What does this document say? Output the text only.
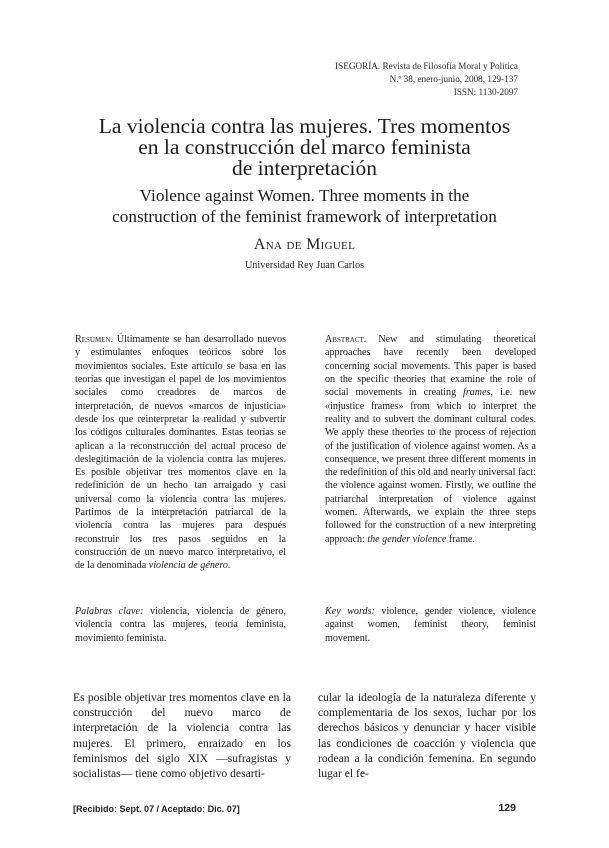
ISEGORÍA. Revista de Filosofía Moral y Política
N.º 38, enero-junio, 2008, 129-137
ISSN: 1130-2097
La violencia contra las mujeres. Tres momentos
en la construcción del marco feminista
de interpretación
Violence against Women. Three moments in the
construction of the feminist framework of interpretation
Ana de Miguel
Universidad Rey Juan Carlos
Resumen. Últimamente se han desarrollado nuevos y estimulantes enfoques teóricos sobre los movimientos sociales. Este artículo se basa en las teorías que investigan el papel de los movimientos sociales como creadores de marcos de interpretación, de nuevos «marcos de injusticia» desde los que reinterpretar la realidad y subvertir los códigos culturales dominantes. Estas teorías se aplican a la reconstrucción del actual proceso de deslegitimación de la violencia contra las mujeres. Es posible objetivar tres momentos clave en la redefinición de un hecho tan arraigado y casi universal como la violencia contra las mujeres. Partimos de la interpretación patriarcal de la violencia contra las mujeres para después reconstruir los tres pasos seguidos en la construcción de un nuevo marco interpretativo, el de la denominada violencia de género.
Abstract. New and stimulating theoretical approaches have recently been developed concerning social movements. This paper is based on the specific theories that examine the role of social movements in creating frames, i.e. new «injustice frames» from which to interpret the reality and to subvert the dominant cultural codes. We apply these theories to the process of rejection of the justification of violence against women. As a consequence, we present three different moments in the redefinition of this old and nearly universal fact: the violence against women. Firstly, we outline the patriarchal interpretation of violence against women. Afterwards, we explain the three steps followed for the construction of a new interpreting approach: the gender violence frame.
Palabras clave: violencia, violencia de género, violencia contra las mujeres, teoría feminista, movimiento feminista.
Key words: violence, gender violence, violence against women, feminist theory, feminist movement.
Es posible objetivar tres momentos clave en la construcción del nuevo marco de interpretación de la violencia contra las mujeres. El primero, enraizado en los feminismos del siglo XIX —sufragistas y socialistas— tiene como objetivo desarti-
cular la ideología de la naturaleza diferente y complementaria de los sexos, luchar por los derechos básicos y denunciar y hacer visible las condiciones de coacción y violencia que rodean a la condición femenina. En segundo lugar el fe-
[Recibido: Sept. 07 / Aceptado: Dic. 07]	129
